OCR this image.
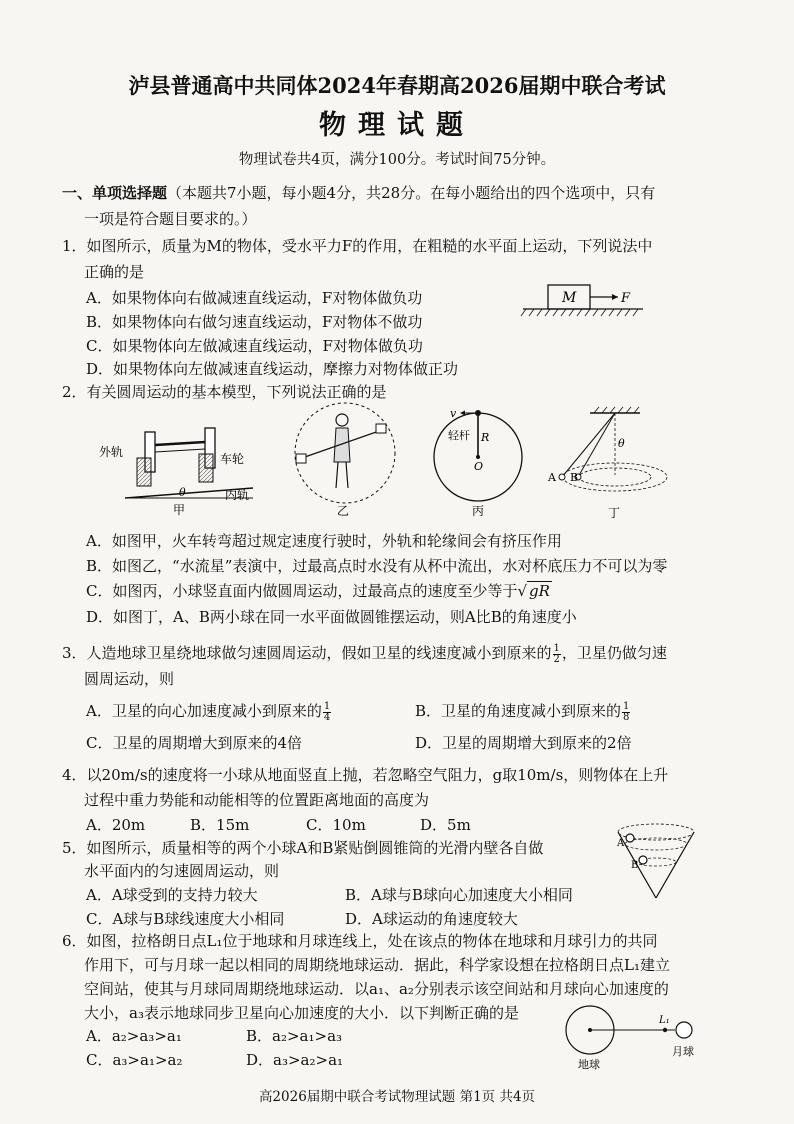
泸县普通高中共同体2024年春期高2026届期中联合考试
物理试题
物理试卷共4页，满分100分。考试时间75分钟。
一、单项选择题（本题共7小题，每小题4分，共28分。在每小题给出的四个选项中，只有
一项是符合题目要求的。）
1．如图所示，质量为M的物体，受水平力F的作用，在粗糙的水平面上运动，下列说法中
正确的是
A．如果物体向右做减速直线运动，F对物体做负功
B．如果物体向右做匀速直线运动，F对物体不做功
C．如果物体向左做减速直线运动，F对物体做负功
D．如果物体向左做减速直线运动，摩擦力对物体做正功
M	F
2．有关圆周运动的基本模型，下列说法正确的是
外轨	车轮
内轨
θ
甲	乙
v
轻杆 R
O
丙
A B
θ
丁
A．如图甲，火车转弯超过规定速度行驶时，外轨和轮缘间会有挤压作用
B．如图乙，“水流星”表演中，过最高点时水没有从杯中流出，水对杯底压力不可以为零
C．如图丙，小球竖直面内做圆周运动，过最高点的速度至少等于√ gR
D．如图丁，A、B两小球在同一水平面做圆锥摆运动，则A比B的角速度小
3．人造地球卫星绕地球做匀速圆周运动，假如卫星的线速度减小到原来的 $\frac{1}{2}$ ，卫星仍做匀速
圆周运动，则
A．卫星的向心加速度减小到原来的 $\frac{1}{4}$	B．卫星的角速度减小到原来的 $\frac{1}{8}$
C．卫星的周期增大到原来的4倍	D．卫星的周期增大到原来的2倍
4．以20m/s的速度将一小球从地面竖直上抛，若忽略空气阻力，g取10m/s，则物体在上升
过程中重力势能和动能相等的位置距离地面的高度为
A．20m	B．15m	C．10m	D．5m
5．如图所示，质量相等的两个小球A和B紧贴倒圆锥筒的光滑内壁各自做
水平面内的匀速圆周运动，则
A．A球受到的支持力较大	B．A球与B球向心加速度大小相同
C．A球与B球线速度大小相同	D．A球运动的角速度较大
A
B
6．如图，拉格朗日点L₁位于地球和月球连线上，处在该点的物体在地球和月球引力的共同
作用下，可与月球一起以相同的周期绕地球运动．据此，科学家设想在拉格朗日点L₁建立
空间站，使其与月球同周期绕地球运动．以a₁、a₂分别表示该空间站和月球向心加速度的
大小，a₃表示地球同步卫星向心加速度的大小．以下判断正确的是
A．a₂>a₃>a₁	B．a₂>a₁>a₃
C．a₃>a₁>a₂	D．a₃>a₂>a₁
L₁
地球
月球
高2026届期中联合考试物理试题 第1页 共4页
